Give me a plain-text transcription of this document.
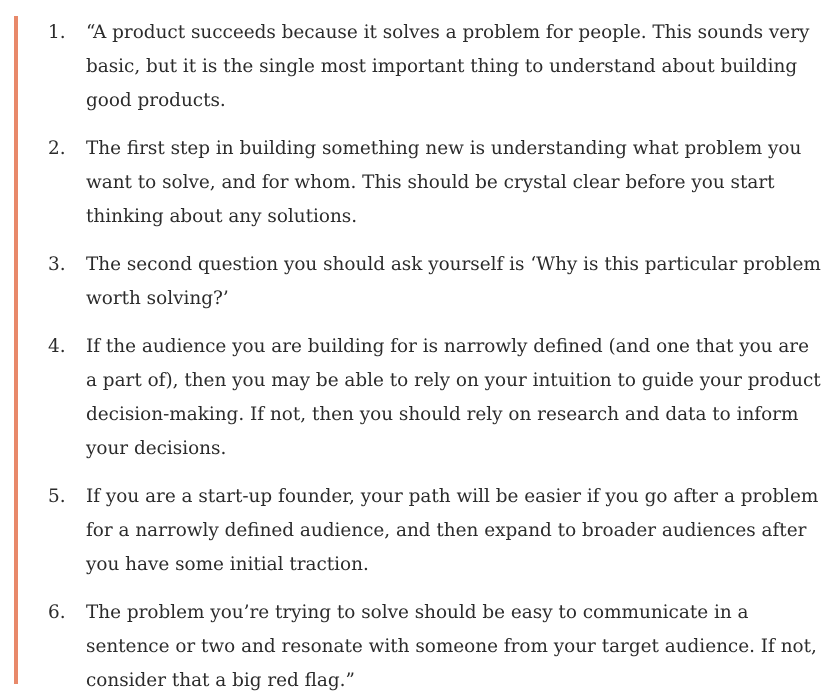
1. “A product succeeds because it solves a problem for people. This sounds very basic, but it is the single most important thing to understand about building good products.
2. The first step in building something new is understanding what problem you want to solve, and for whom. This should be crystal clear before you start thinking about any solutions.
3. The second question you should ask yourself is ‘Why is this particular problem worth solving?’
4. If the audience you are building for is narrowly defined (and one that you are a part of), then you may be able to rely on your intuition to guide your product decision-making. If not, then you should rely on research and data to inform your decisions.
5. If you are a start-up founder, your path will be easier if you go after a problem for a narrowly defined audience, and then expand to broader audiences after you have some initial traction.
6. The problem you’re trying to solve should be easy to communicate in a sentence or two and resonate with someone from your target audience. If not, consider that a big red flag.”
